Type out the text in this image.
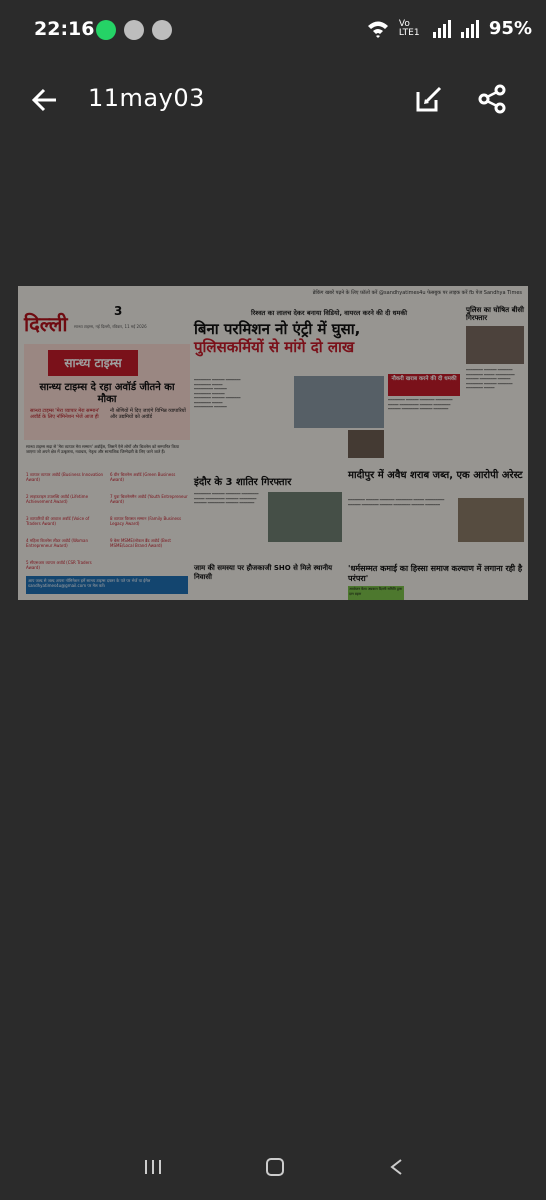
22:16	Vo LTE1	95%
11may03
ब्रेकिंग खबरें पढ़ने के लिए फ़ॉलो करें @sandhyatimes4u फेसबुक पर लाइक करें fb पेज Sandhya Times
3
दिल्ली सान्ध्य टाइम्स, नई दिल्ली, रविवार, 11 मई 2026
सान्ध्य टाइम्स
सान्ध्य टाइम्स दे रहा अवॉर्ड जीतने का मौका
सान्ध्य टाइम्स 'मेरा व्यापार मेरा सम्मान' अवॉर्ड के लिए नॉमिनेशन भेजें आज ही
नौ श्रेणियों में दिए जाएंगे विभिन्न व्यापारियों और उद्यमियों को अवॉर्ड
सान्ध्य टाइम्स सदा से 'मेरा व्यापार मेरा सम्मान' अवॉर्ड्स, जिसमें ऐसे लोगों और बिजनेस को सम्मानित किया जाएगा जो अपने क्षेत्र में उत्कृष्टता, नवाचार, नेतृत्व और सामाजिक जिम्मेदारी के लिए जाने जाते हैं।
1 व्यापार व्यापार अवॉर्ड (Business Innovation Award)
2 लाइफटाइम उपलब्धि अवॉर्ड (Lifetime Achievement Award)
3 व्यापारियों की आवाज अवॉर्ड (Voice of Traders Award)
4 महिला बिजनेस लीडर अवॉर्ड (Woman Entrepreneur Award)
5 सीएसआर व्यापार अवॉर्ड (CSR Traders Award)
6 ग्रीन बिजनेस अवॉर्ड (Green Business Award)
7 युवा बिजनेसमैन अवॉर्ड (Youth Entrepreneur Award)
8 व्यापार विरासत सम्मान (Family Business Legacy Award)
9 बेस्ट MSME/लोकल ब्रैंड अवॉर्ड (Best MSME/Local Brand Award)
आप जल्द से जल्द अपना नॉमिनेशन हमें सान्ध्य टाइम्स दफ्तर के पते पर भेजें या ईमेल sandhyatimes4u@gmail.com पर मेल करें।
रिश्वत का लालच देकर बनाया विडियो, वायरल करने की दी धमकी
बिना परमिशन नो एंट्री में घुसा,
पुलिसकर्मियों से मांगे दो लाख
नौकरी खराब करने की दी धमकी
━━━━━━━━ ━━━━━━ ━━━━━━━ ━━━━━━━━ ━━━━━ ━━━━━━━━━ ━━━━━━ ━━━━━━━━ ━━━━━━ ━━━━━━━━ ━━━━━━ ━━━━━━━ ━━━━━━━━ ━━━━━ ━━━━━━━━━ ━━━━━━
━━━━━━━━ ━━━━━━ ━━━━━━━ ━━━━━━━━ ━━━━━ ━━━━━━━━━ ━━━━━━ ━━━━━━━━ ━━━━━━ ━━━━━━━━ ━━━━━━ ━━━━━━━
पुलिस का घोषित बीसी गिरफ्तार
━━━━━━━━ ━━━━━━ ━━━━━━━ ━━━━━━━━ ━━━━━ ━━━━━━━━━ ━━━━━━ ━━━━━━━━ ━━━━━━ ━━━━━━━━ ━━━━━━ ━━━━━━━ ━━━━━━━━ ━━━━━
इंदौर के 3 शातिर गिरफ्तार
━━━━━━━━ ━━━━━━ ━━━━━━━ ━━━━━━━━ ━━━━━ ━━━━━━━━━ ━━━━━━ ━━━━━━━━ ━━━━━━ ━━━━━━━━ ━━━━━━ ━━━━━━━
मादीपुर में अवैध शराब जब्त, एक आरोपी अरेस्ट
━━━━━━━━ ━━━━━━ ━━━━━━━ ━━━━━━━━ ━━━━━ ━━━━━━━━━ ━━━━━━ ━━━━━━━━ ━━━━━━ ━━━━━━━━ ━━━━━━ ━━━━━━━
जाम की समस्या पर हौजकाजी SHO से मिले स्थानीय निवासी
'धर्मसम्मत कमाई का हिस्सा समाज कल्याण में लगाना रही है परंपरा'
आयोजन वैश्य अग्रवाल दिल्ली समिति द्वारा दान ग्रहण
